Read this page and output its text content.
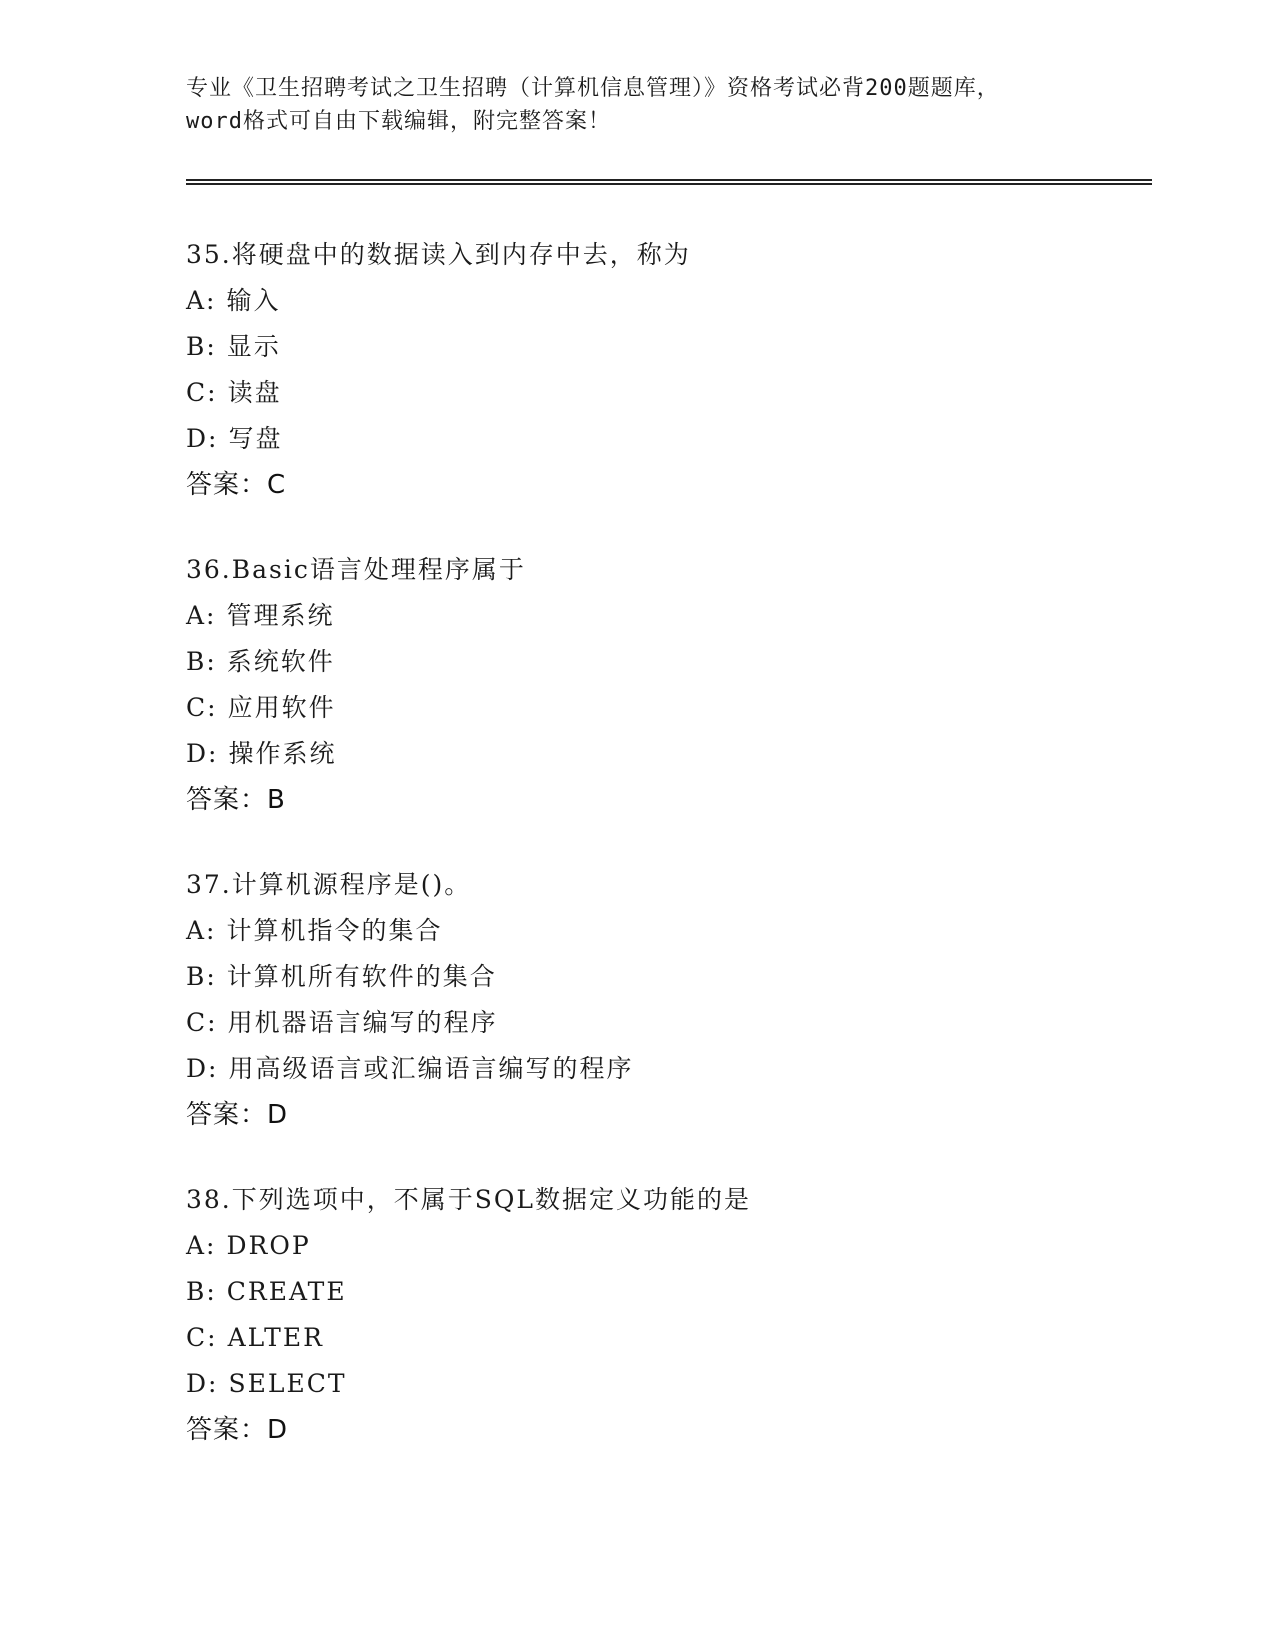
专业《卫生招聘考试之卫生招聘（计算机信息管理）》资格考试必背200题题库，
word格式可自由下载编辑，附完整答案！
35.将硬盘中的数据读入到内存中去，称为
A: 输入
B: 显示
C: 读盘
D: 写盘
答案：C
36.Basic语言处理程序属于
A: 管理系统
B: 系统软件
C: 应用软件
D: 操作系统
答案：B
37.计算机源程序是()。
A: 计算机指令的集合
B: 计算机所有软件的集合
C: 用机器语言编写的程序
D: 用高级语言或汇编语言编写的程序
答案：D
38.下列选项中，不属于SQL数据定义功能的是
A: DROP
B: CREATE
C: ALTER
D: SELECT
答案：D
